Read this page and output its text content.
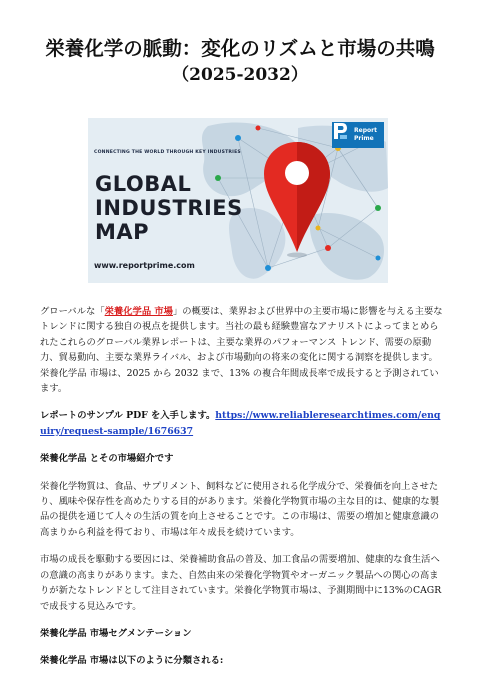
栄養化学の脈動：変化のリズムと市場の共鳴
（2025-2032）
CONNECTING THE WORLD THROUGH KEY INDUSTRIES
GLOBAL
INDUSTRIES
MAP
www.reportprime.com
Report
Prime

グローバルな「栄養化学品 市場」の概要は、業界および世界中の主要市場に影響を与える主要なトレンドに関する独自の視点を提供します。当社の最も経験豊富なアナリストによってまとめられたこれらのグローバル業界レポートは、主要な業界のパフォーマンス トレンド、需要の原動力、貿易動向、主要な業界ライバル、および市場動向の将来の変化に関する洞察を提供します。栄養化学品 市場は、2025 から 2032 まで、13% の複合年間成長率で成長すると予測されています。

レポートのサンプル PDF を入手します。https://www.reliableresearchtimes.com/enquiry/request-sample/1676637

栄養化学品 とその市場紹介です

栄養化学物質は、食品、サプリメント、飼料などに使用される化学成分で、栄養価を向上させたり、風味や保存性を高めたりする目的があります。栄養化学物質市場の主な目的は、健康的な製品の提供を通じて人々の生活の質を向上させることです。この市場は、需要の増加と健康意識の高まりから利益を得ており、市場は年々成長を続けています。

市場の成長を駆動する要因には、栄養補助食品の普及、加工食品の需要増加、健康的な食生活への意識の高まりがあります。また、自然由来の栄養化学物質やオーガニック製品への関心の高まりが新たなトレンドとして注目されています。栄養化学物質市場は、予測期間中に13%のCAGRで成長する見込みです。

栄養化学品 市場セグメンテーション
栄養化学品 市場は以下のように分類される:
